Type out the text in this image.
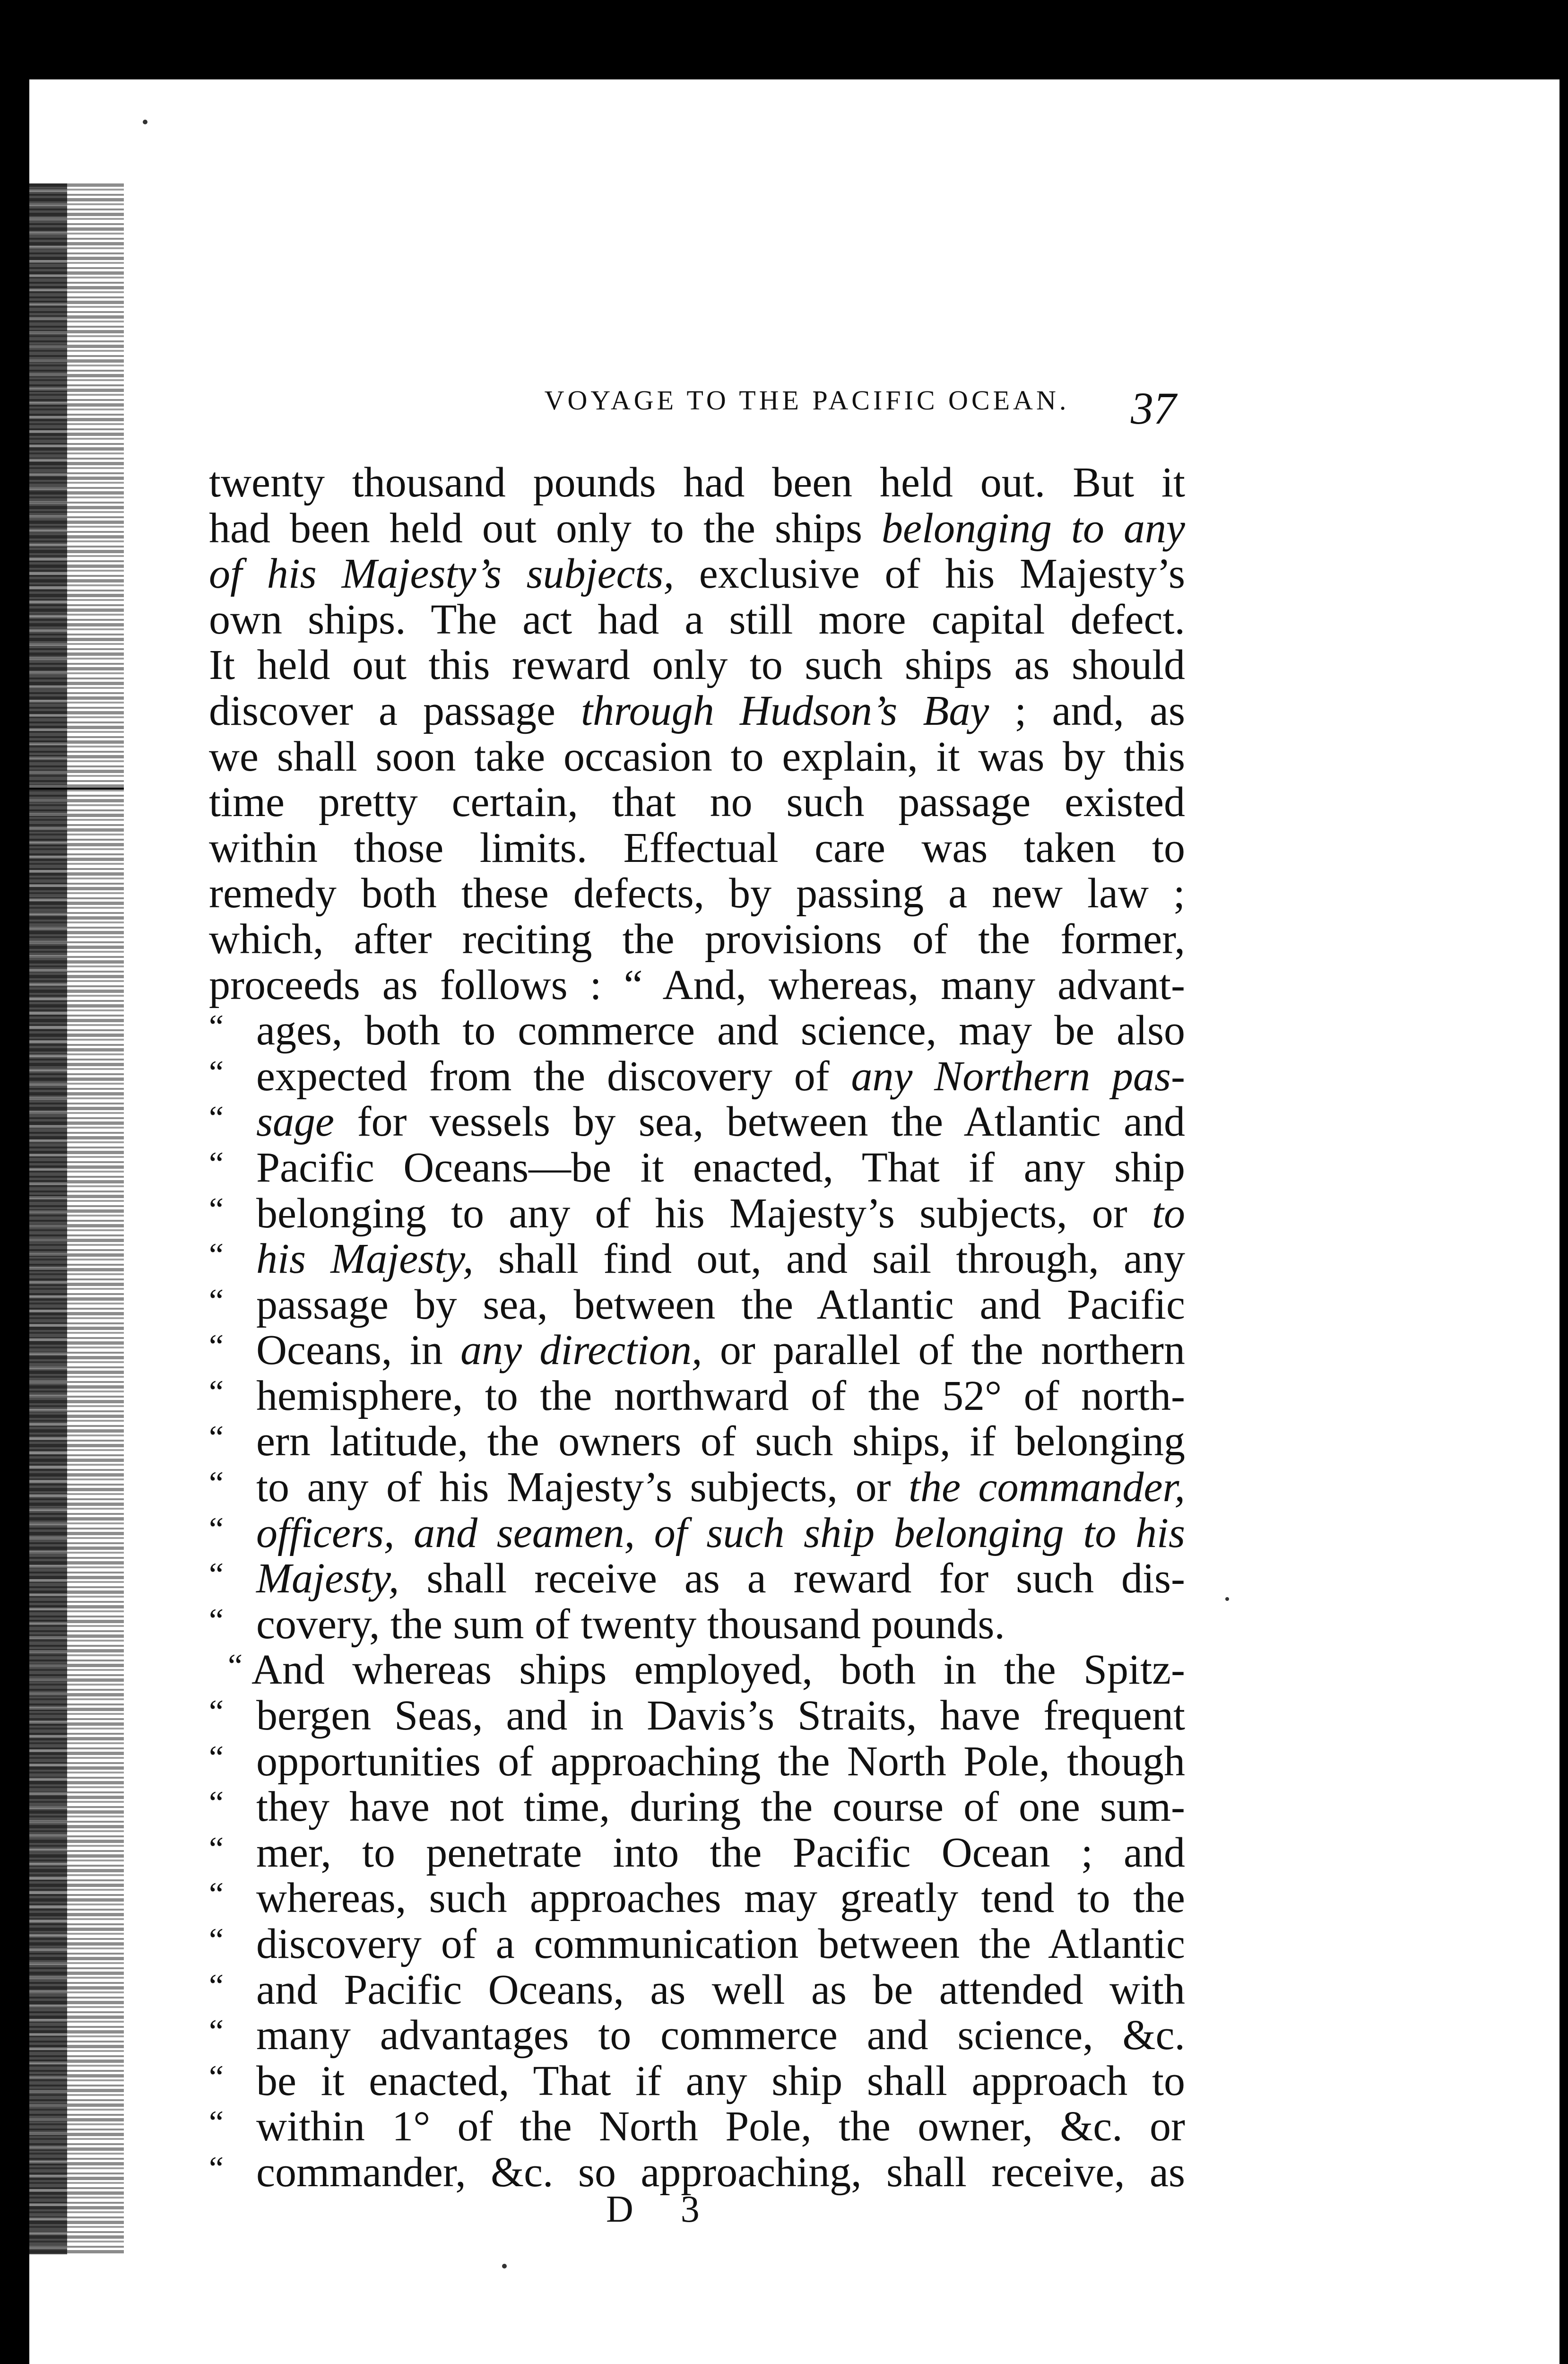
VOYAGE TO THE PACIFIC OCEAN.	37
twenty thousand pounds had been held out. But it
had been held out only to the ships belonging to any
of his Majesty’s subjects, exclusive of his Majesty’s
own ships. The act had a still more capital defect.
It held out this reward only to such ships as should
discover a passage through Hudson’s Bay ; and, as
we shall soon take occasion to explain, it was by this
time pretty certain, that no such passage existed
within those limits. Effectual care was taken to
remedy both these defects, by passing a new law ;
which, after reciting the provisions of the former,
proceeds as follows : “ And, whereas, many advant-
“ ages, both to commerce and science, may be also
“ expected from the discovery of any Northern pas-
“ sage for vessels by sea, between the Atlantic and
“ Pacific Oceans—be it enacted, That if any ship
“ belonging to any of his Majesty’s subjects, or to
“ his Majesty, shall find out, and sail through, any
“ passage by sea, between the Atlantic and Pacific
“ Oceans, in any direction, or parallel of the northern
“ hemisphere, to the northward of the 52° of north-
“ ern latitude, the owners of such ships, if belonging
“ to any of his Majesty’s subjects, or the commander,
“ officers, and seamen, of such ship belonging to his
“ Majesty, shall receive as a reward for such dis-
“ covery, the sum of twenty thousand pounds.
“ And whereas ships employed, both in the Spitz-
“ bergen Seas, and in Davis’s Straits, have frequent
“ opportunities of approaching the North Pole, though
“ they have not time, during the course of one sum-
“ mer, to penetrate into the Pacific Ocean ; and
“ whereas, such approaches may greatly tend to the
“ discovery of a communication between the Atlantic
“ and Pacific Oceans, as well as be attended with
“ many advantages to commerce and science, &c.
“ be it enacted, That if any ship shall approach to
“ within 1° of the North Pole, the owner, &c. or
“ commander, &c. so approaching, shall receive, as
D 3
